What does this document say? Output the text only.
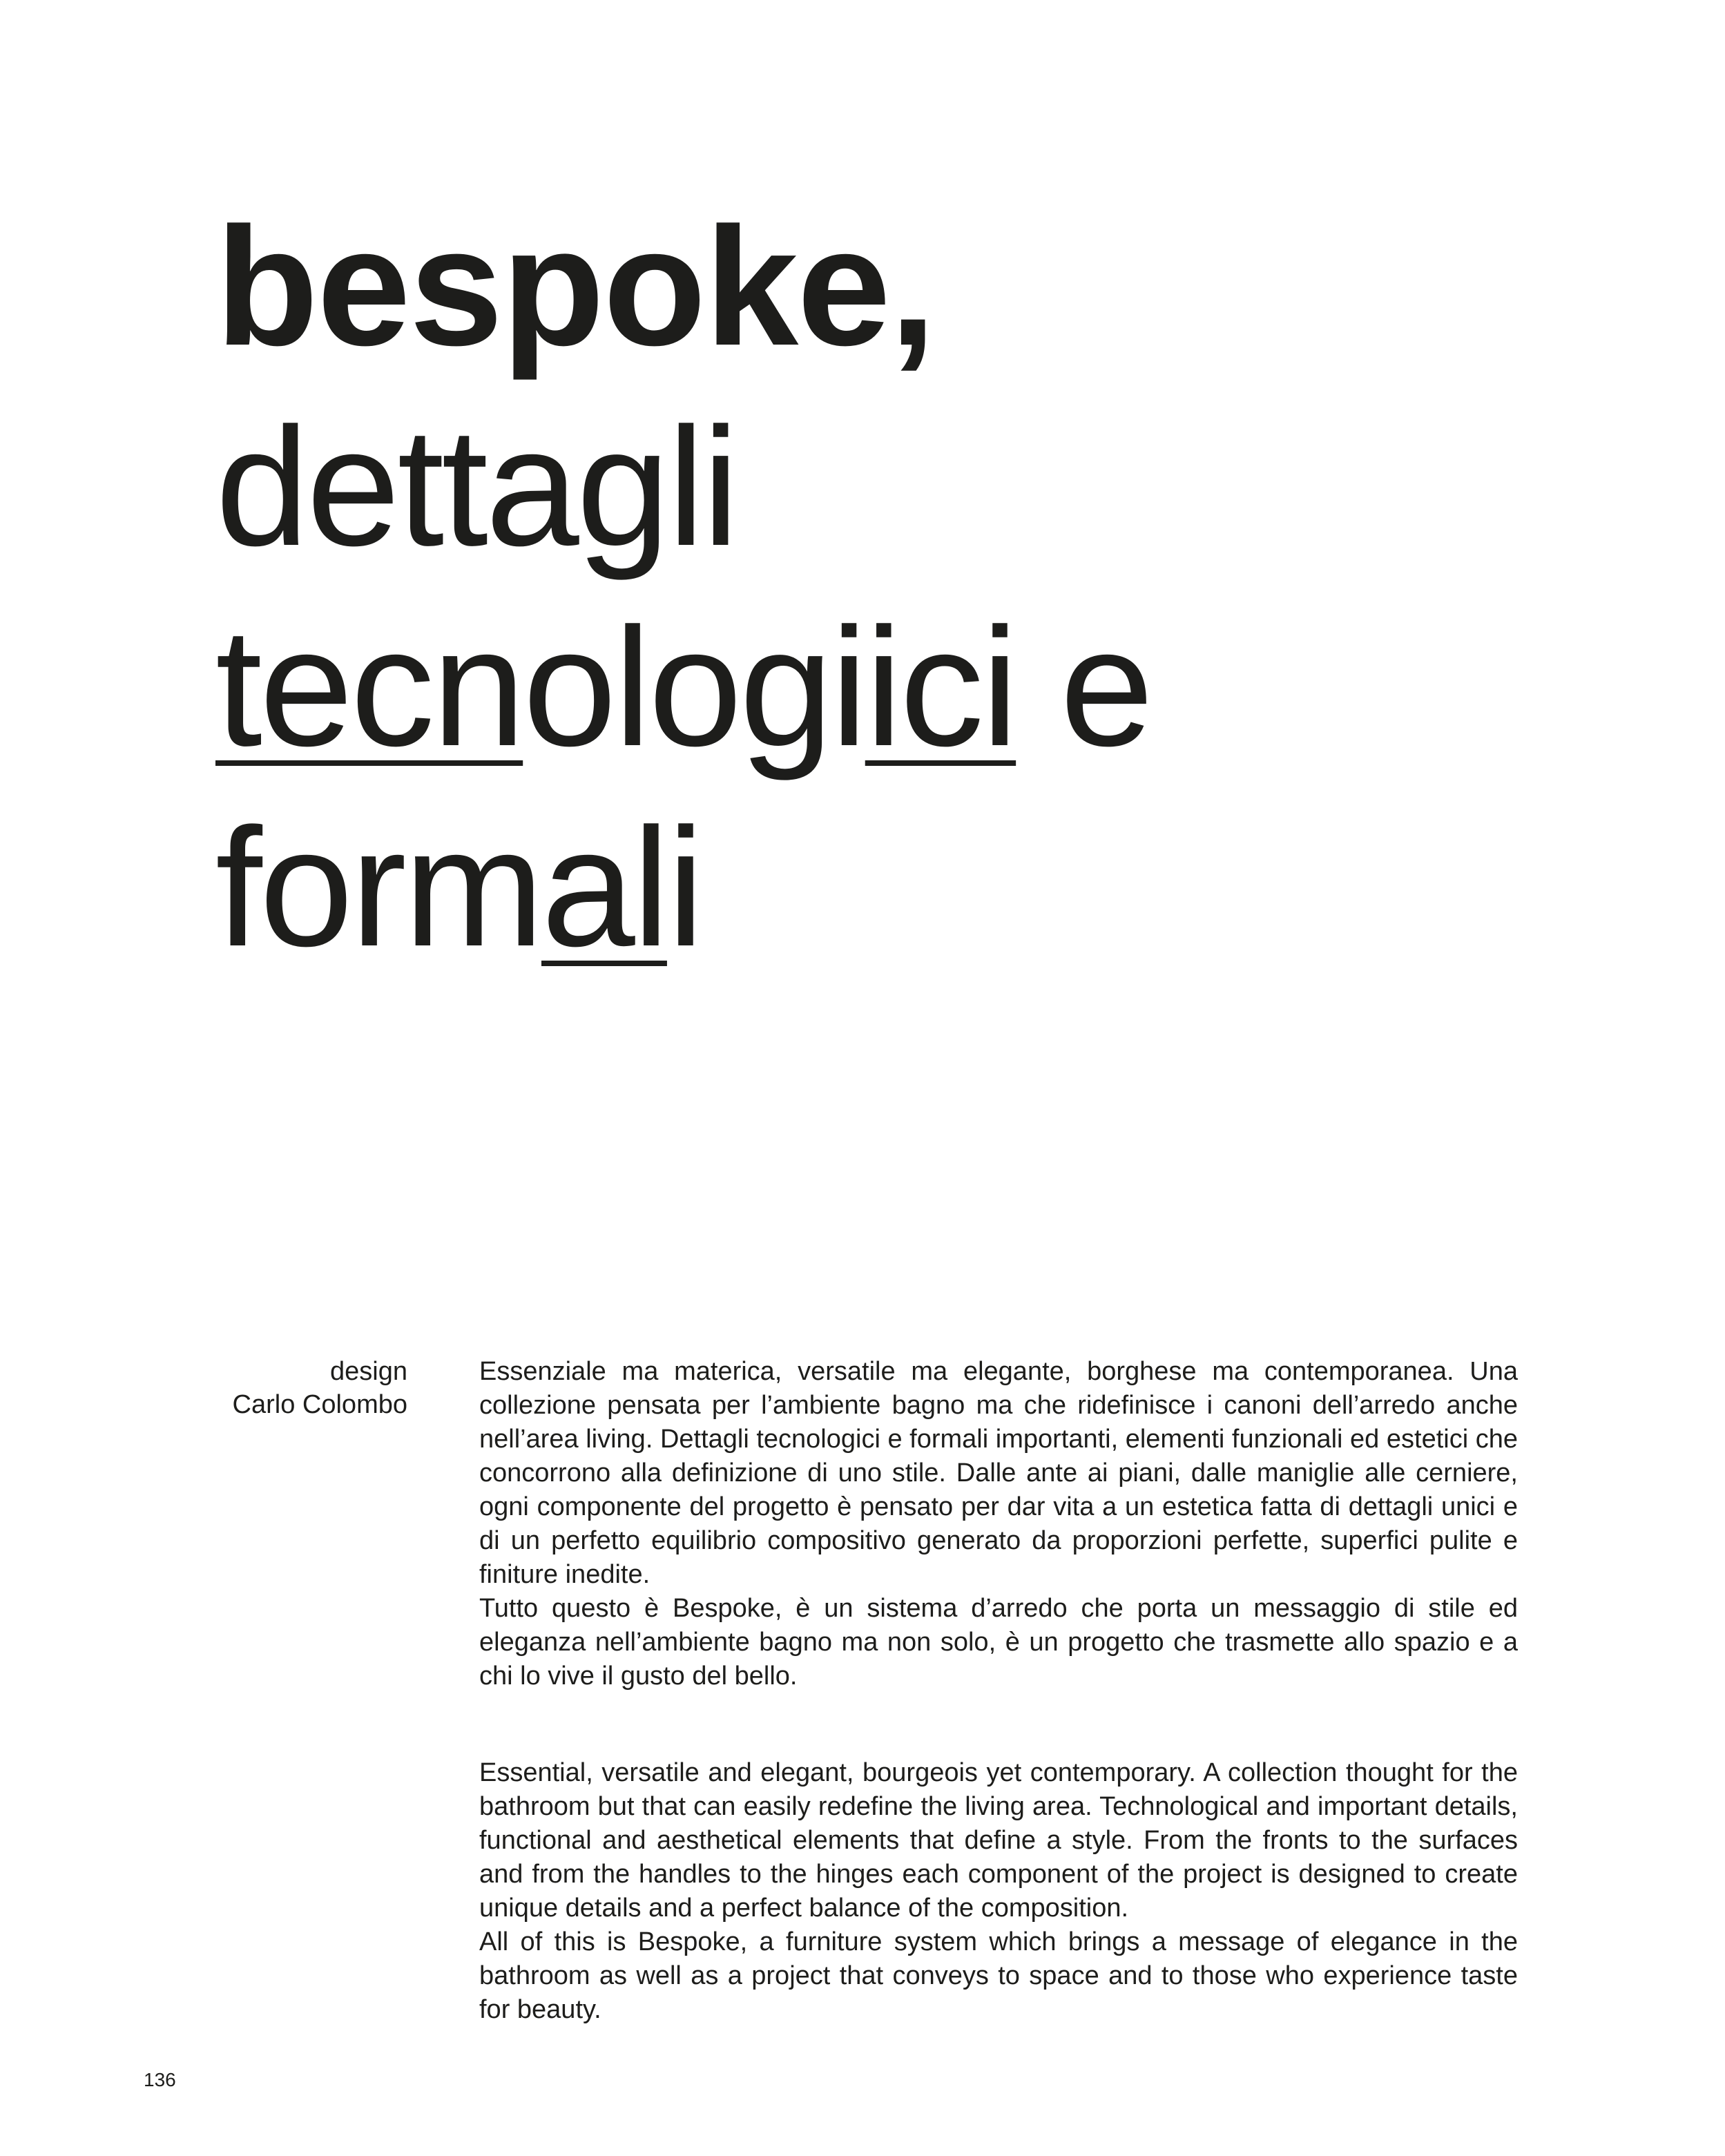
bespoke,
dettagli
tecnologiici e
formali
design
Carlo Colombo

Essenziale ma materica, versatile ma elegante, borghese ma contemporanea. Una collezione pensata per l’ambiente bagno ma che ridefinisce i canoni dell’arredo anche nell’area living. Dettagli tecnologici e formali importanti, elementi funzionali ed estetici che concorrono alla definizione di uno stile. Dalle ante ai piani, dalle maniglie alle cerniere, ogni componente del progetto è pensato per dar vita a un estetica fatta di dettagli unici e di un perfetto equilibrio compositivo generato da proporzioni perfette, superfici pulite e finiture inedite.

Tutto questo è Bespoke, è un sistema d’arredo che porta un messaggio di stile ed eleganza nell’ambiente bagno ma non solo, è un progetto che trasmette allo spazio e a chi lo vive il gusto del bello.

Essential, versatile and elegant, bourgeois yet contemporary. A collection thought for the bathroom but that can easily redefine the living area. Technological and important details, functional and aesthetical elements that define a style. From the fronts to the surfaces and from the handles to the hinges each component of the project is designed to create unique details and a perfect balance of the composition.

All of this is Bespoke, a furniture system which brings a message of elegance in the bathroom as well as a project that conveys to space and to those who experience taste for beauty.

136
